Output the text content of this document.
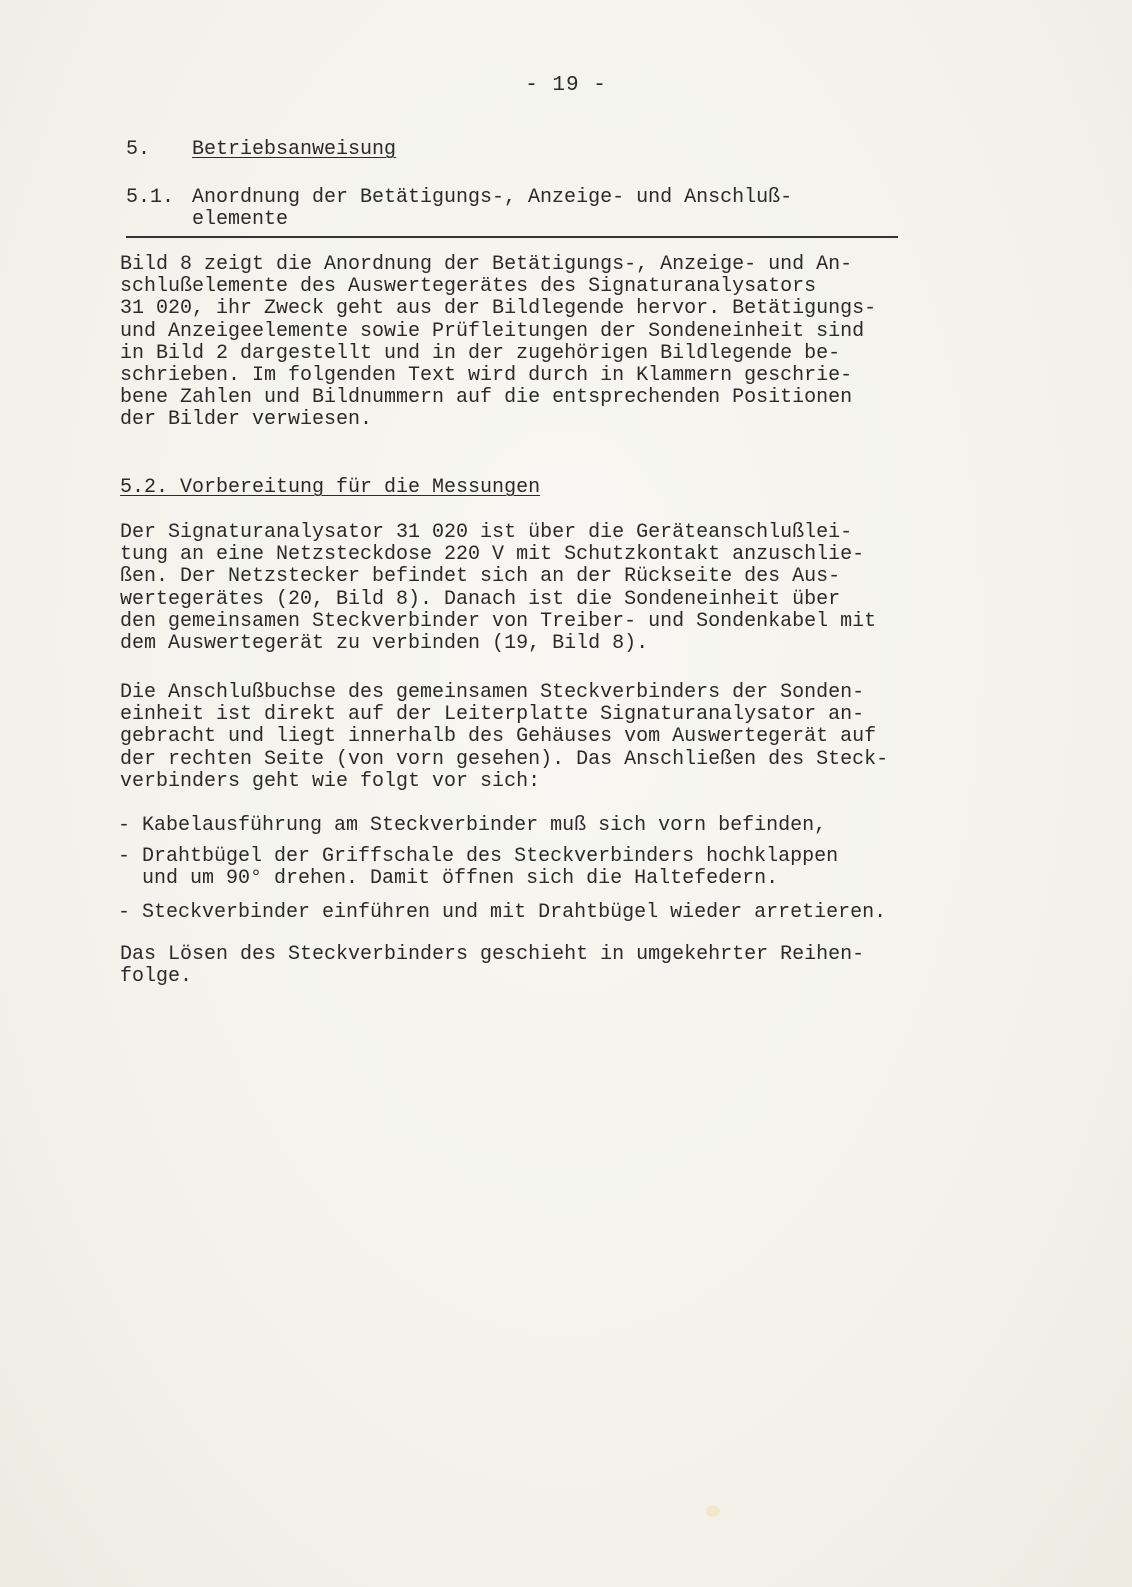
- 19 -
5. Betriebsanweisung
5.1. Anordnung der Betätigungs-, Anzeige- und Anschluß-
elemente

Bild 8 zeigt die Anordnung der Betätigungs-, Anzeige- und An-
schlußelemente des Auswertegerätes des Signaturanalysators
31 020, ihr Zweck geht aus der Bildlegende hervor. Betätigungs-
und Anzeigeelemente sowie Prüfleitungen der Sondeneinheit sind
in Bild 2 dargestellt und in der zugehörigen Bildlegende be-
schrieben. Im folgenden Text wird durch in Klammern geschrie-
bene Zahlen und Bildnummern auf die entsprechenden Positionen
der Bilder verwiesen.

5.2. Vorbereitung für die Messungen

Der Signaturanalysator 31 020 ist über die Geräteanschlußlei-
tung an eine Netzsteckdose 220 V mit Schutzkontakt anzuschlie-
ßen. Der Netzstecker befindet sich an der Rückseite des Aus-
wertegerätes (20, Bild 8). Danach ist die Sondeneinheit über
den gemeinsamen Steckverbinder von Treiber- und Sondenkabel mit
dem Auswertegerät zu verbinden (19, Bild 8).

Die Anschlußbuchse des gemeinsamen Steckverbinders der Sonden-
einheit ist direkt auf der Leiterplatte Signaturanalysator an-
gebracht und liegt innerhalb des Gehäuses vom Auswertegerät auf
der rechten Seite (von vorn gesehen). Das Anschließen des Steck-
verbinders geht wie folgt vor sich:

- Kabelausführung am Steckverbinder muß sich vorn befinden,
- Drahtbügel der Griffschale des Steckverbinders hochklappen
und um 90° drehen. Damit öffnen sich die Haltefedern.
- Steckverbinder einführen und mit Drahtbügel wieder arretieren.

Das Lösen des Steckverbinders geschieht in umgekehrter Reihen-
folge.
